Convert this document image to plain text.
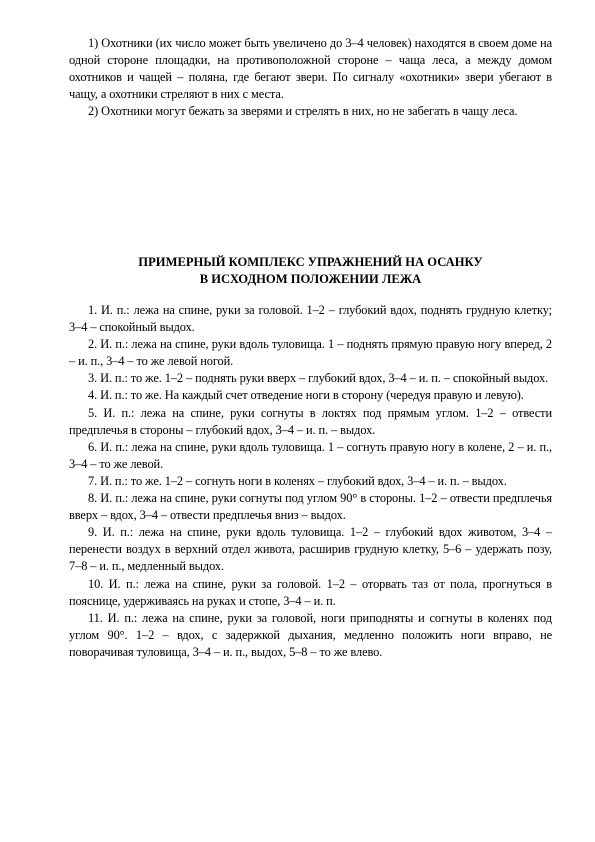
1) Охотники (их число может быть увеличено до 3–4 человек) находятся в своем доме на одной стороне площадки, на противоположной стороне – чаща леса, а между домом охотников и чащей – поляна, где бегают звери. По сигналу «охотники» звери убегают в чащу, а охотники стреляют в них с места.

2) Охотники могут бежать за зверями и стрелять в них, но не забегать в чащу леса.

ПРИМЕРНЫЙ КОМПЛЕКС УПРАЖНЕНИЙ НА ОСАНКУ
В ИСХОДНОМ ПОЛОЖЕНИИ ЛЕЖА

1. И. п.: лежа на спине, руки за головой. 1–2 – глубокий вдох, поднять грудную клетку; 3–4 – спокойный выдох.

2. И. п.: лежа на спине, руки вдоль туловища. 1 – поднять прямую правую ногу вперед, 2 – и. п., 3–4 – то же левой ногой.

3. И. п.: то же. 1–2 – поднять руки вверх – глубокий вдох, 3–4 – и. п. – спокойный выдох.

4. И. п.: то же. На каждый счет отведение ноги в сторону (чередуя правую и левую).

5. И. п.: лежа на спине, руки согнуты в локтях под прямым углом. 1–2 – отвести предплечья в стороны – глубокий вдох, 3–4 – и. п. – выдох.

6. И. п.: лежа на спине, руки вдоль туловища. 1 – согнуть правую ногу в колене, 2 – и. п., 3–4 – то же левой.

7. И. п.: то же. 1–2 – согнуть ноги в коленях – глубокий вдох, 3–4 – и. п. – выдох.

8. И. п.: лежа на спине, руки согнуты под углом 90° в стороны. 1–2 – отвести предплечья вверх – вдох, 3–4 – отвести предплечья вниз – выдох.

9. И. п.: лежа на спине, руки вдоль туловища. 1–2 – глубокий вдох животом, 3–4 – перенести воздух в верхний отдел живота, расширив грудную клетку, 5–6 – удержать позу, 7–8 – и. п., медленный выдох.

10. И. п.: лежа на спине, руки за головой. 1–2 – оторвать таз от пола, прогнуться в пояснице, удерживаясь на руках и стопе, 3–4 – и. п.

11. И. п.: лежа на спине, руки за головой, ноги приподняты и согнуты в коленях под углом 90°. 1–2 – вдох, с задержкой дыхания, медленно положить ноги вправо, не поворачивая туловища, 3–4 – и. п., выдох, 5–8 – то же влево.
